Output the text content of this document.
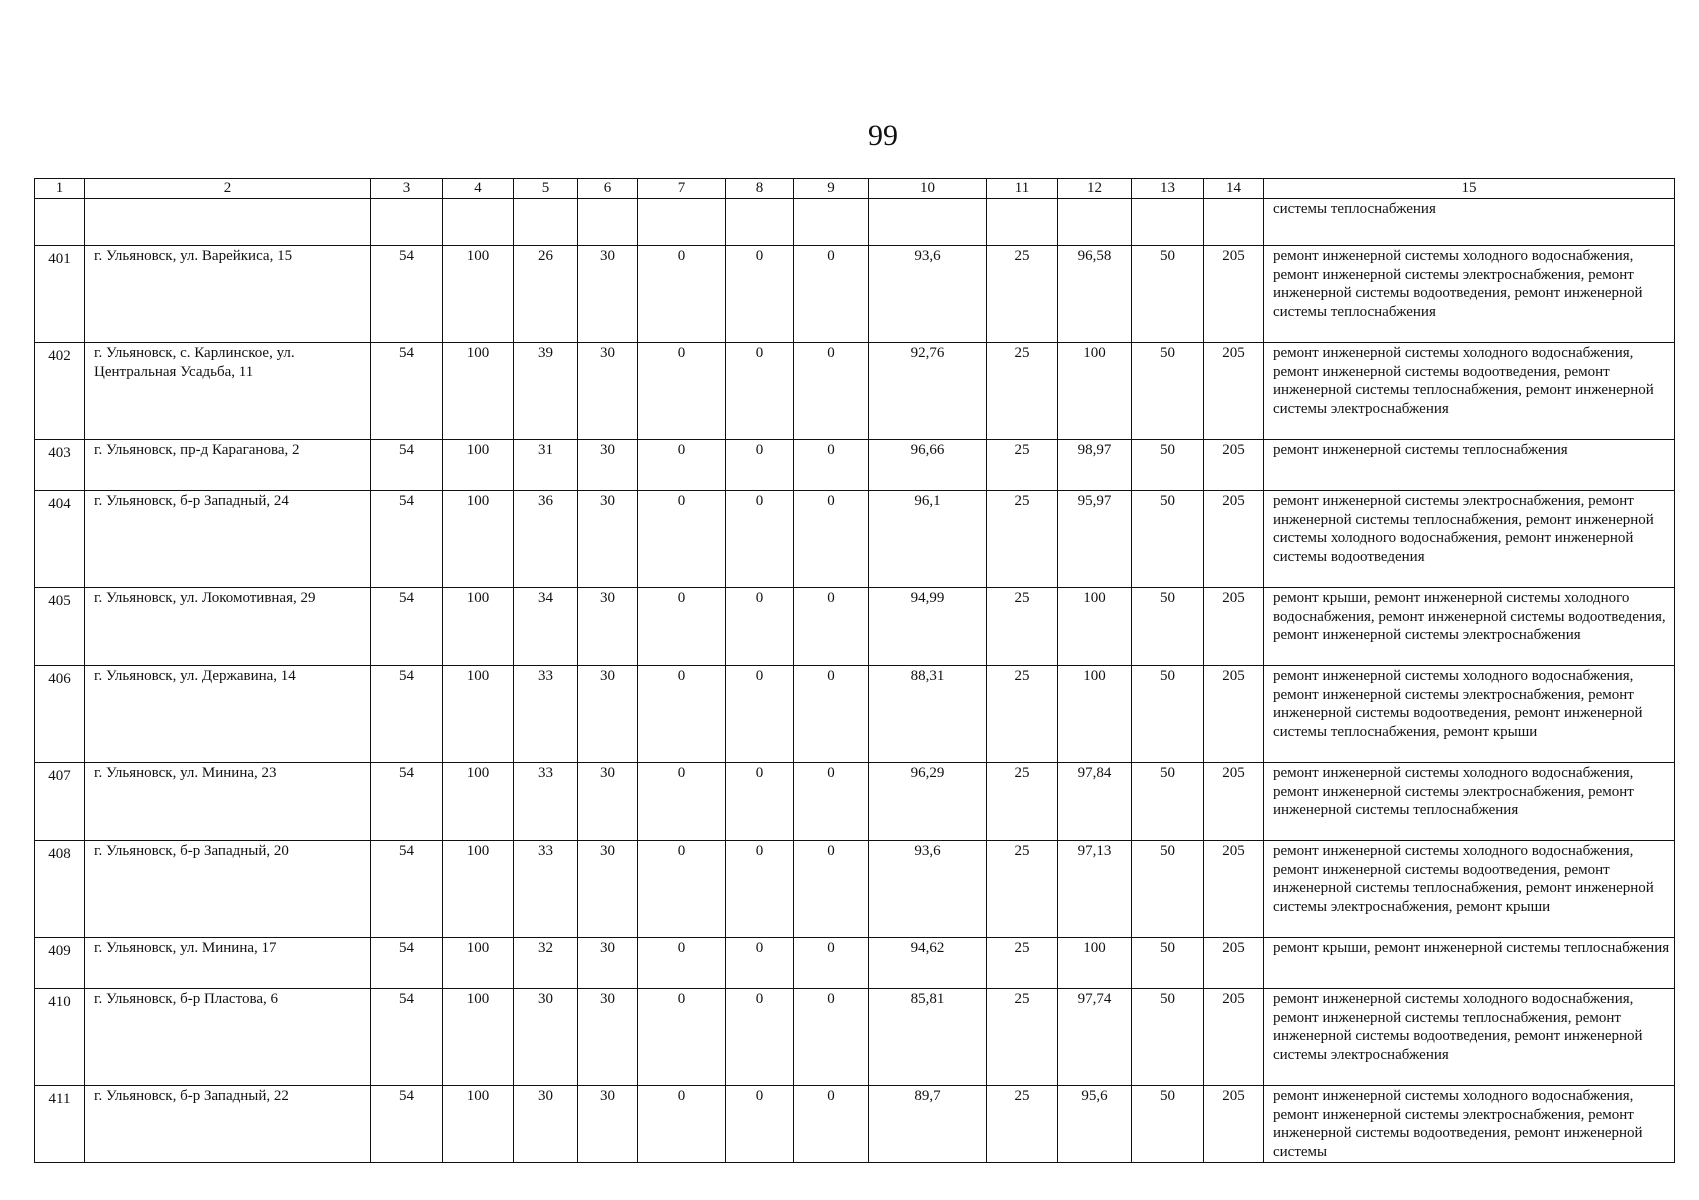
99
1	2	3	4	5	6	7	8	9	10	11	12	13	14	15
														системы теплоснабжения
401	г. Ульяновск, ул. Варейкиса, 15	54	100	26	30	0	0	0	93,6	25	96,58	50	205	ремонт инженерной системы холодного водоснабжения, ремонт инженерной системы электроснабжения, ремонт инженерной системы водоотведения, ремонт инженерной системы теплоснабжения
402	г. Ульяновск, с. Карлинское, ул. Центральная Усадьба, 11	54	100	39	30	0	0	0	92,76	25	100	50	205	ремонт инженерной системы холодного водоснабжения, ремонт инженерной системы водоотведения, ремонт инженерной системы теплоснабжения, ремонт инженерной системы электроснабжения
403	г. Ульяновск, пр-д Караганова, 2	54	100	31	30	0	0	0	96,66	25	98,97	50	205	ремонт инженерной системы теплоснабжения
404	г. Ульяновск, б-р Западный, 24	54	100	36	30	0	0	0	96,1	25	95,97	50	205	ремонт инженерной системы электроснабжения, ремонт инженерной системы теплоснабжения, ремонт инженерной системы холодного водоснабжения, ремонт инженерной системы водоотведения
405	г. Ульяновск, ул. Локомотивная, 29	54	100	34	30	0	0	0	94,99	25	100	50	205	ремонт крыши, ремонт инженерной системы холодного водоснабжения, ремонт инженерной системы водоотведения, ремонт инженерной системы электроснабжения
406	г. Ульяновск, ул. Державина, 14	54	100	33	30	0	0	0	88,31	25	100	50	205	ремонт инженерной системы холодного водоснабжения, ремонт инженерной системы электроснабжения, ремонт инженерной системы водоотведения, ремонт инженерной системы теплоснабжения, ремонт крыши
407	г. Ульяновск, ул. Минина, 23	54	100	33	30	0	0	0	96,29	25	97,84	50	205	ремонт инженерной системы холодного водоснабжения, ремонт инженерной системы электроснабжения, ремонт инженерной системы теплоснабжения
408	г. Ульяновск, б-р Западный, 20	54	100	33	30	0	0	0	93,6	25	97,13	50	205	ремонт инженерной системы холодного водоснабжения, ремонт инженерной системы водоотведения, ремонт инженерной системы теплоснабжения, ремонт инженерной системы электроснабжения, ремонт крыши
409	г. Ульяновск, ул. Минина, 17	54	100	32	30	0	0	0	94,62	25	100	50	205	ремонт крыши, ремонт инженерной системы теплоснабжения
410	г. Ульяновск, б-р Пластова, 6	54	100	30	30	0	0	0	85,81	25	97,74	50	205	ремонт инженерной системы холодного водоснабжения, ремонт инженерной системы теплоснабжения, ремонт инженерной системы водоотведения, ремонт инженерной системы электроснабжения
411	г. Ульяновск, б-р Западный, 22	54	100	30	30	0	0	0	89,7	25	95,6	50	205	ремонт инженерной системы холодного водоснабжения, ремонт инженерной системы электроснабжения, ремонт инженерной системы водоотведения, ремонт инженерной системы
